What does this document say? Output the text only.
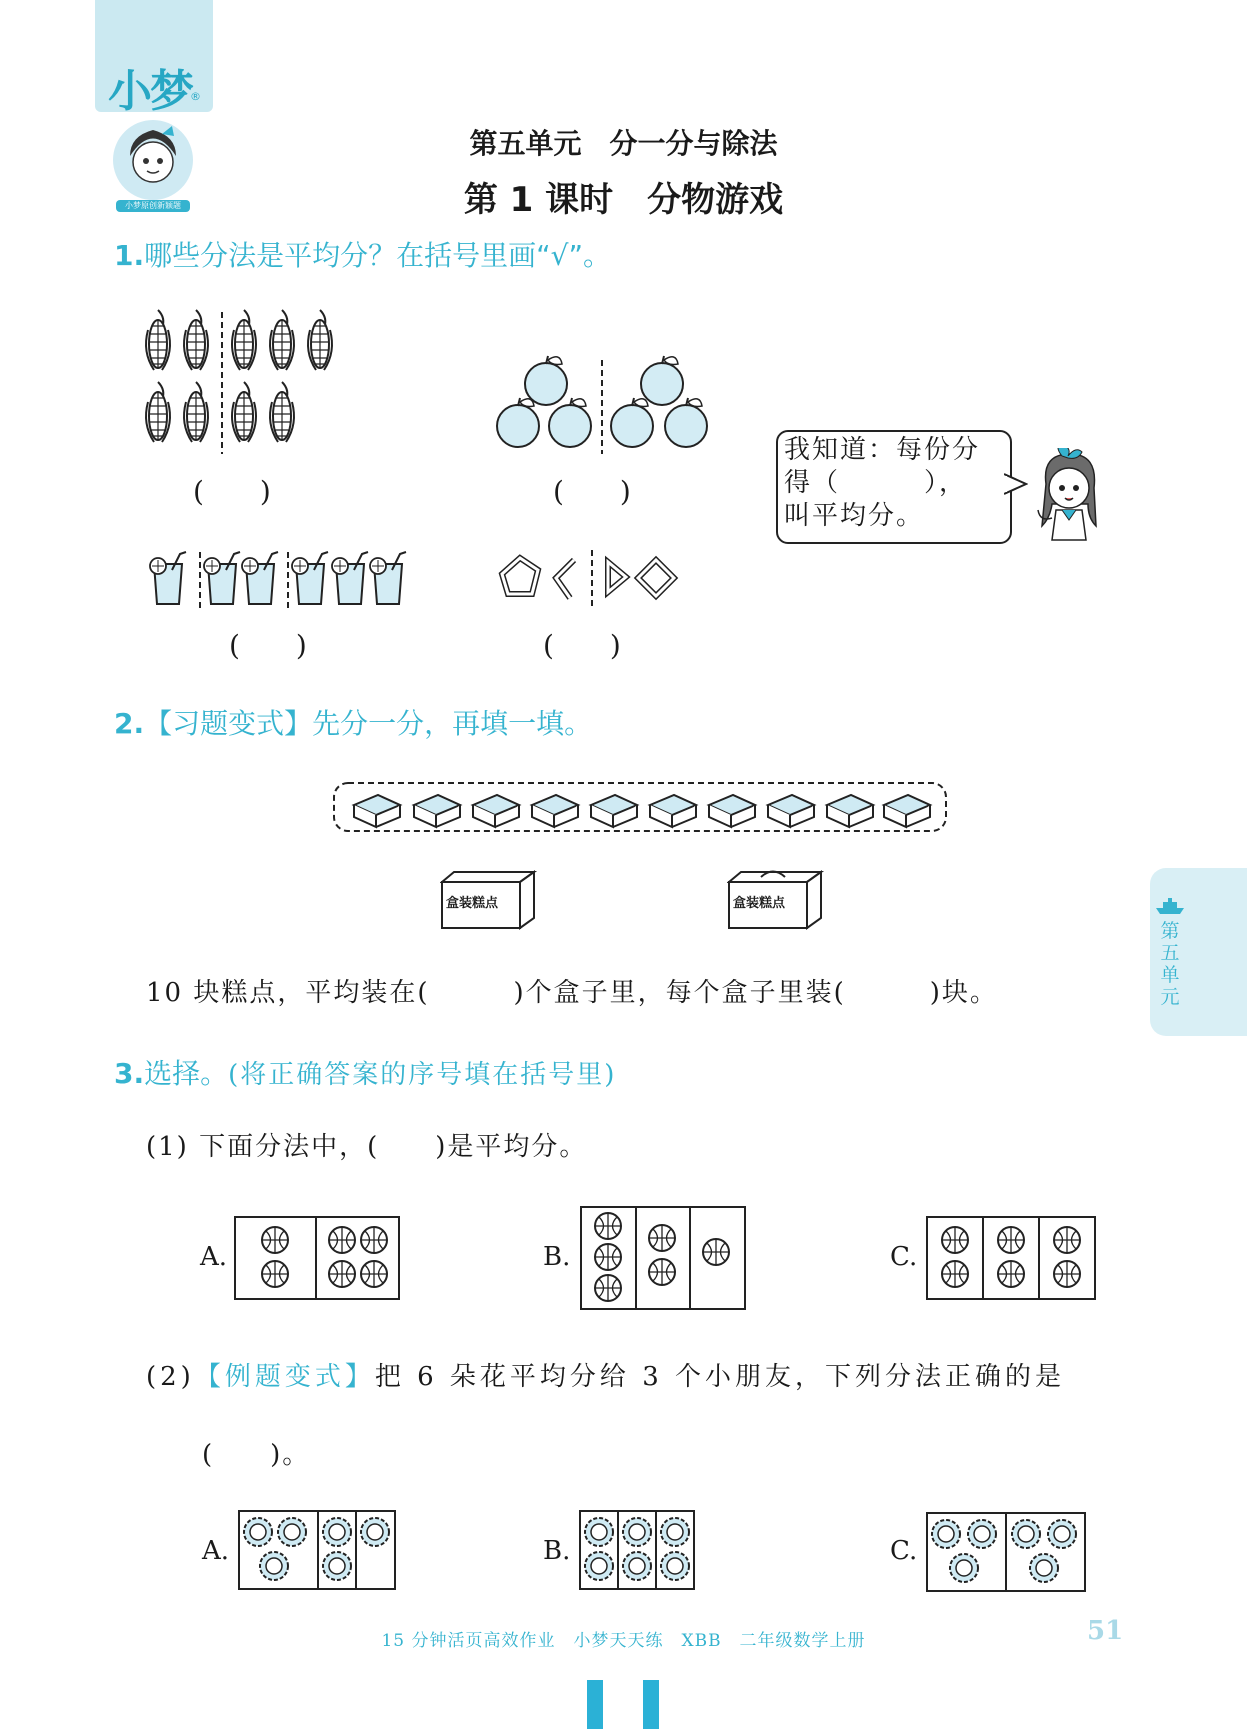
小梦
®
小梦原创新颖题
第五单元　分一分与除法
第 1 课时　分物游戏
1.哪些分法是平均分？在括号里画“√”。
(　　)	(　　)
我知道：每份分
得（　　　），
叫平均分。
(　　)	(　　)
2.【习题变式】先分一分，再填一填。
盒装糕点	盒装糕点
10 块糕点，平均装在(　　　)个盒子里，每个盒子里装(　　　)块。
3.选择。(将正确答案的序号填在括号里)
(1) 下面分法中，(　　)是平均分。
A.	B.	C.
(2)【例题变式】把 6 朵花平均分给 3 个小朋友，下列分法正确的是
(　　)。
A.	B.	C.
第五单元
15 分钟活页高效作业　小梦天天练　XBB　二年级数学上册	51
